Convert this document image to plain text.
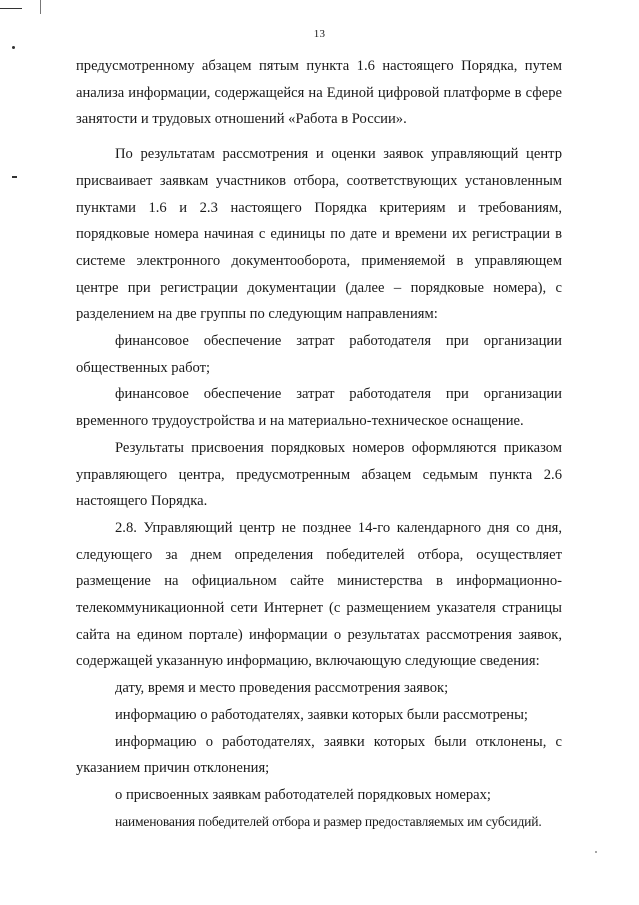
13

предусмотренному абзацем пятым пункта 1.6 настоящего Порядка, путем анализа информации, содержащейся на Единой цифровой платформе в сфере занятости и трудовых отношений «Работа в России».

По результатам рассмотрения и оценки заявок управляющий центр присваивает заявкам участников отбора, соответствующих установленным пунктами 1.6 и 2.3 настоящего Порядка критериям и требованиям, порядковые номера начиная с единицы по дате и времени их регистрации в системе электронного документооборота, применяемой в управляющем центре при регистрации документации (далее – порядковые номера), с разделением на две группы по следующим направлениям:

финансовое обеспечение затрат работодателя при организации общественных работ;

финансовое обеспечение затрат работодателя при организации временного трудоустройства и на материально-техническое оснащение.

Результаты присвоения порядковых номеров оформляются приказом управляющего центра, предусмотренным абзацем седьмым пункта 2.6 настоящего Порядка.

2.8. Управляющий центр не позднее 14-го календарного дня со дня, следующего за днем определения победителей отбора, осуществляет размещение на официальном сайте министерства в информационно-телекоммуникационной сети Интернет (с размещением указателя страницы сайта на едином портале) информации о результатах рассмотрения заявок, содержащей указанную информацию, включающую следующие сведения:

дату, время и место проведения рассмотрения заявок;

информацию о работодателях, заявки которых были рассмотрены;

информацию о работодателях, заявки которых были отклонены, с указанием причин отклонения;

о присвоенных заявкам работодателей порядковых номерах;

наименования победителей отбора и размер предоставляемых им субсидий.
